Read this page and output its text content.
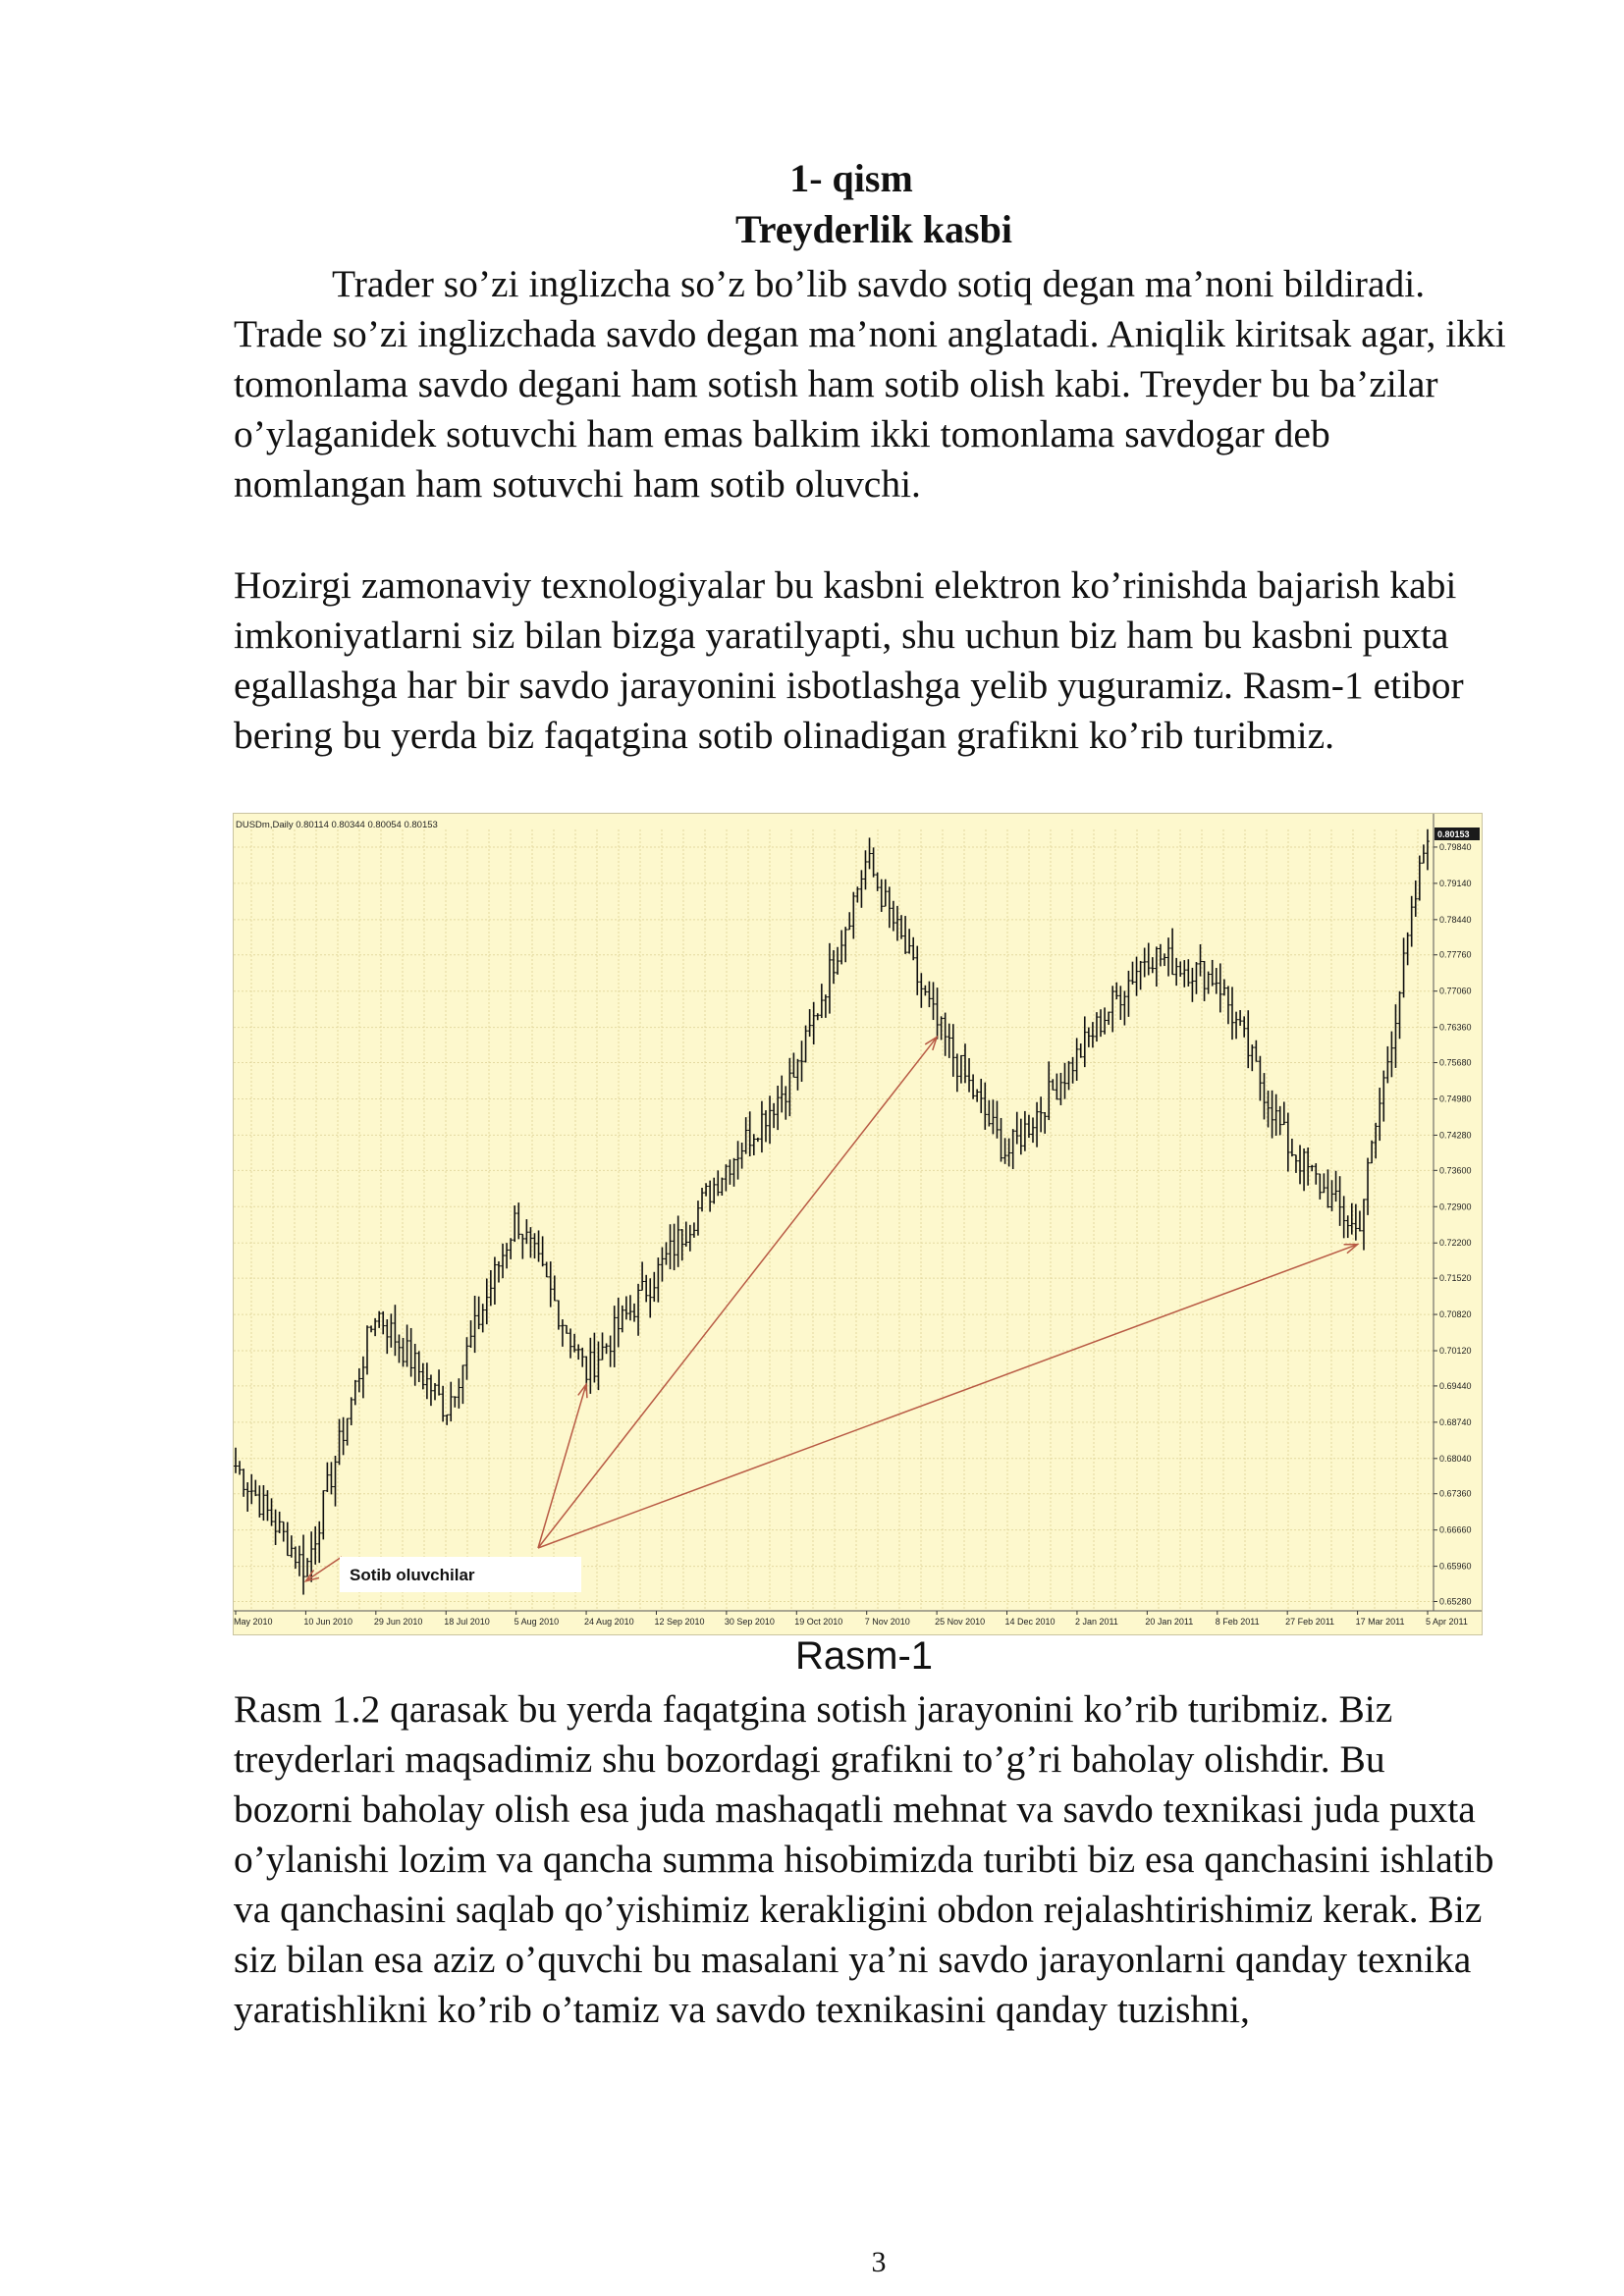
1- qism
Treyderlik kasbi

Trader so’zi inglizcha so’z bo’lib savdo sotiq degan ma’noni bildiradi. Trade so’zi inglizchada savdo degan ma’noni anglatadi. Aniqlik kiritsak agar, ikki tomonlama savdo degani ham sotish ham sotib olish kabi. Treyder bu ba’zilar o’ylaganidek sotuvchi ham emas balkim ikki tomonlama savdogar deb nomlangan ham sotuvchi ham sotib oluvchi.

Hozirgi zamonaviy texnologiyalar bu kasbni elektron ko’rinishda bajarish kabi imkoniyatlarni siz bilan bizga yaratilyapti, shu uchun biz ham bu kasbni puxta egallashga har bir savdo jarayonini isbotlashga yelib yuguramiz. Rasm-1 etibor bering bu yerda biz faqatgina sotib olinadigan grafikni ko’rib turibmiz.

Sotib oluvchilar
DUSDm,Daily 0.80114 0.80344 0.80054 0.80153
0.79840
0.79140
0.78440
0.77760
0.77060
0.76360
0.75680
0.74980
0.74280
0.73600
0.72900
0.72200
0.71520
0.70820
0.70120
0.69440
0.68740
0.68040
0.67360
0.66660
0.65960
0.65280
May 2010	10 Jun 2010 29 Jun 2010 18 Jul 2010	5 Aug 2010	24 Aug 2010 12 Sep 2010 30 Sep 2010 19 Oct 2010 7 Nov 2010	25 Nov 2010 14 Dec 2010 2 Jan 2011	20 Jan 2011	8 Feb 2011	27 Feb 2011 17 Mar 2011 5 Apr 2011
0.80153

Rasm-1

Rasm 1.2 qarasak bu yerda faqatgina sotish jarayonini ko’rib turibmiz. Biz treyderlari maqsadimiz shu bozordagi grafikni to’g’ri baholay olishdir. Bu bozorni baholay olish esa juda mashaqatli mehnat va savdo texnikasi juda puxta o’ylanishi lozim va qancha summa hisobimizda turibti biz esa qanchasini ishlatib va qanchasini saqlab qo’yishimiz kerakligini obdon rejalashtirishimiz kerak. Biz siz bilan esa aziz o’quvchi bu masalani ya’ni savdo jarayonlarni qanday texnika yaratishlikni ko’rib o’tamiz va savdo texnikasini qanday tuzishni,

3
